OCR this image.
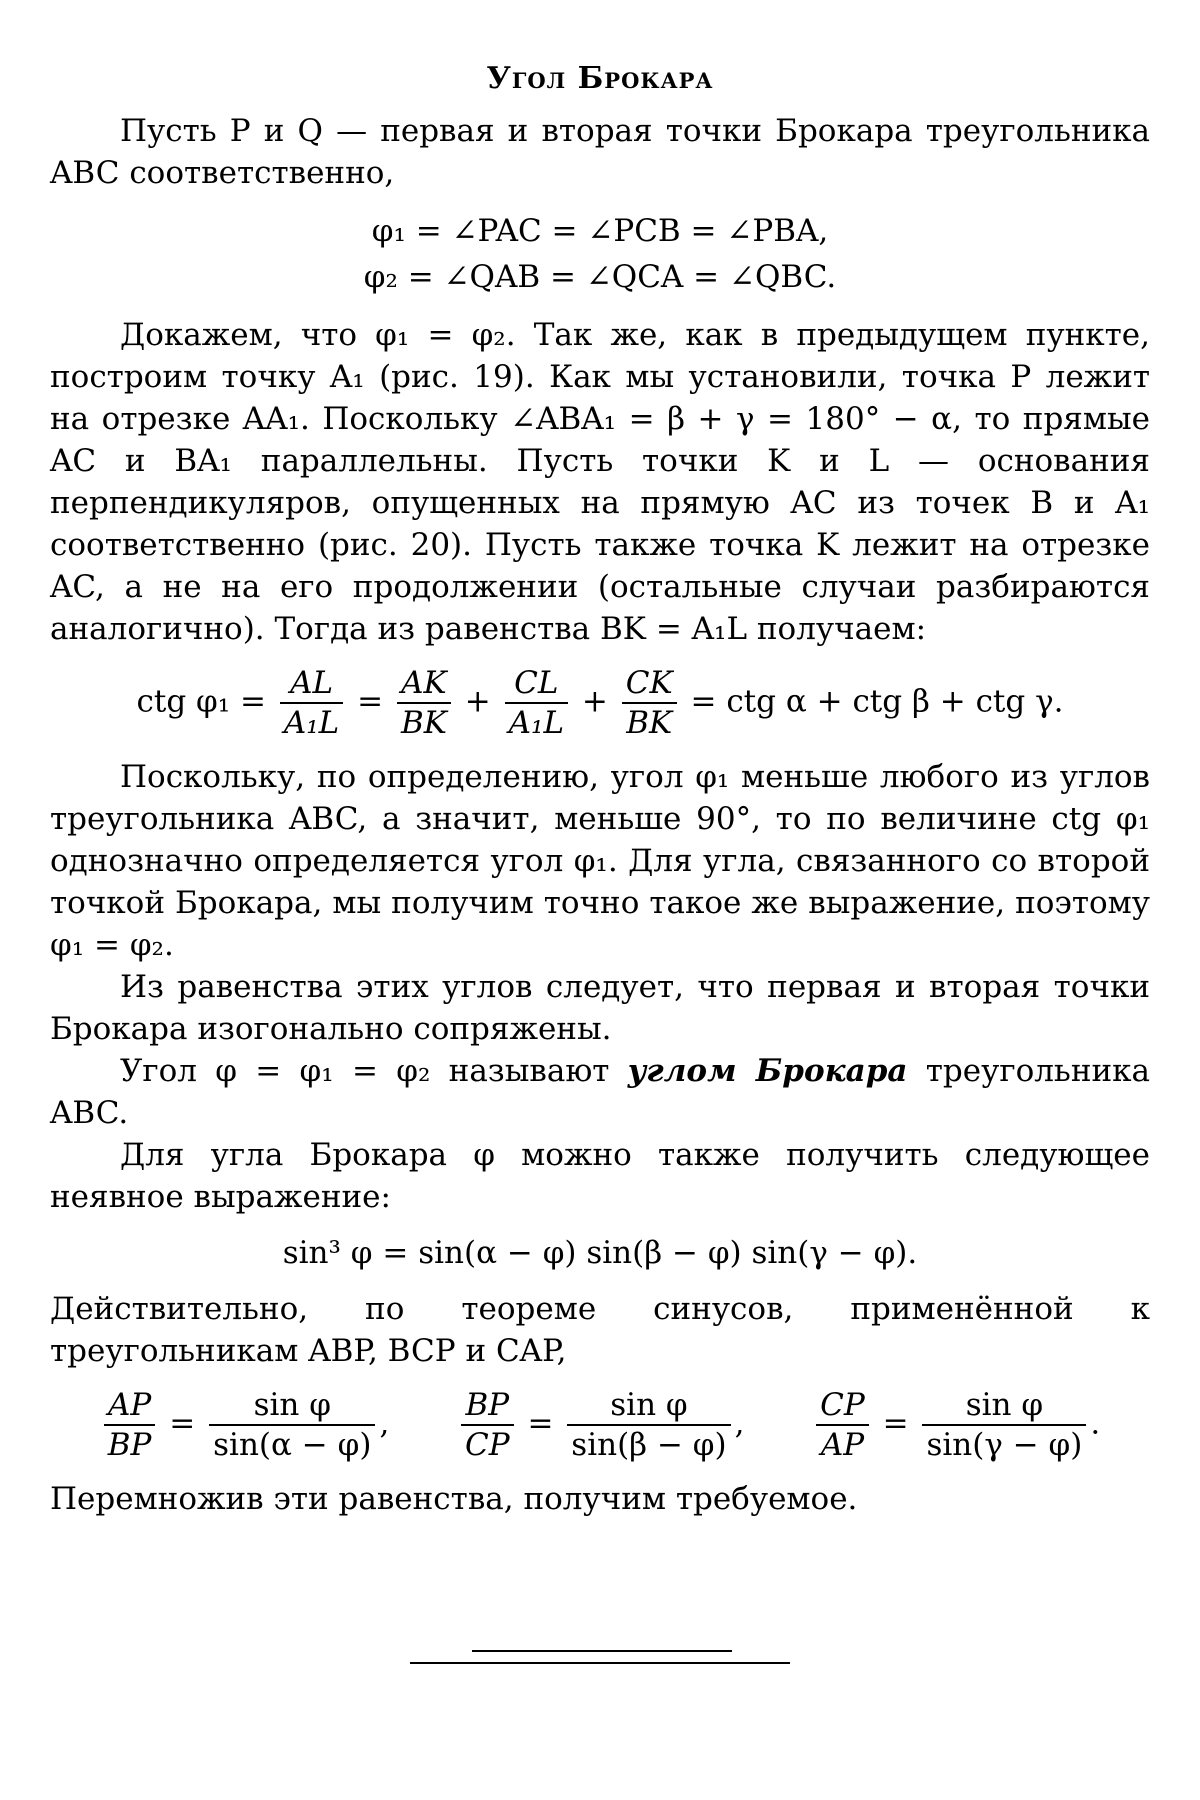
Угол Брокара

Пусть P и Q — первая и вторая точки Брокара треугольника ABC соответственно,

φ₁ = ∠PAC = ∠PCB = ∠PBA,
φ₂ = ∠QAB = ∠QCA = ∠QBC.

Докажем, что φ₁ = φ₂. Так же, как в предыдущем пункте, построим точку A₁ (рис. 19). Как мы установили, точка P лежит на отрезке AA₁. Поскольку ∠ABA₁ = β + γ = 180° − α, то прямые AC и BA₁ параллельны. Пусть точки K и L — основания перпендикуляров, опущенных на прямую AC из точек B и A₁ соответственно (рис. 20). Пусть также точка K лежит на отрезке AC, а не на его продолжении (остальные случаи разбираются аналогично). Тогда из равенства BK = A₁L получаем:

ctg $\varphi_1 = \frac{AL}{\text{A₁L}} = \frac{AK}{BK} + \frac{CL}{\text{A₁L}} + \frac{CK}{BK}$ = ctg α + ctg β + ctg γ.

Поскольку, по определению, угол φ₁ меньше любого из углов треугольника ABC, а значит, меньше 90°, то по величине ctg φ₁ однозначно определяется угол φ₁. Для угла, связанного со второй точкой Брокара, мы получим точно такое же выражение, поэтому φ₁ = φ₂.

Из равенства этих углов следует, что первая и вторая точки Брокара изогонально сопряжены.

Угол φ = φ₁ = φ₂ называют углом Брокара треугольника ABC.

Для угла Брокара φ можно также получить следующее неявное выражение:

sin³ φ = sin(α − φ) sin(β − φ) sin(γ − φ).

Действительно, по теореме синусов, применённой к треугольникам ABP, BCP и CAP,

$\frac{AP}{BP} = \frac{\text{sin φ}}{\sin(\alpha - \varphi)}$ , $\frac{BP}{CP} = \frac{\text{sin φ}}{\sin(\beta - \varphi)}$ , $\frac{CP}{AP} = \frac{\text{sin φ}}{\sin(\gamma - \varphi)}$ .

Перемножив эти равенства, получим требуемое.
